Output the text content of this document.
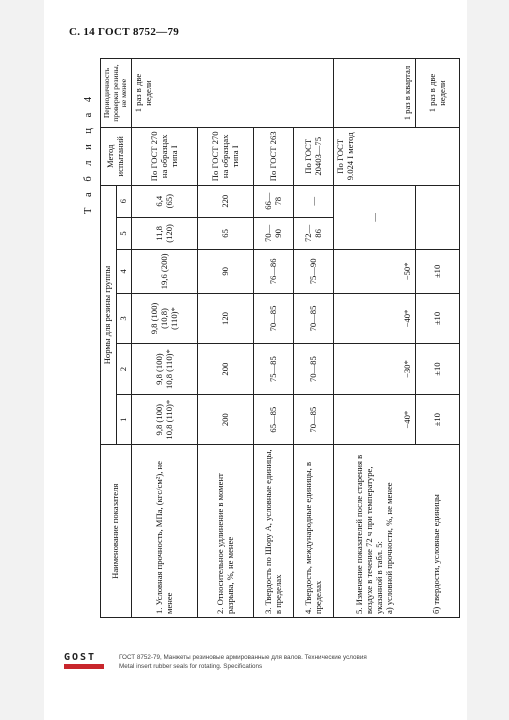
С. 14 ГОСТ 8752—79
Т а б л и ц а 4
Наименование показателя	Нормы для резины группы						Метод испытаний	Периодичность проверки резины, не менее
	1	2	3	4	5	6		
1. Условная прочность, МПа, (кгс/см²), не менее	9,8 (100) 10,8 (110)*	9,8 (100) 10,8 (110)*	9,8 (100) (10,8) (110)*	19,6 (200)	11,8 (120)	6,4 (65)	По ГОСТ 270 на образцах типа I	1 раз в две недели
2. Относительное удлинение в момент разрыва, %, не менее	200	200	120	90	65	220	По ГОСТ 270 на образцах типа I	
3. Твердость по Шору А, условные единицы, в пределах	65—85	75—85	70—85	76—86	70—90	66—78	По ГОСТ 263	
4. Твердость, международные единицы, в пределах	70—85	70—85	70—85	75—90	72—86	—	По ГОСТ 20403—75	

5. Изменение показателей после старения в воздухе в течение 72 ч при температуре, указанной в табл. 5: а) условной прочности, %, не менее	−40*	−30*	−40*	−50*	—		По ГОСТ 9.024 I метод	1 раз в квартал
б) твердости, условные единицы	±10	±10	±10	±10				1 раз в две недели
GOST	ГОСТ 8752-79, Манжеты резиновые армированные для валов. Технические условия
Metal insert rubber seals for rotating. Specifications
